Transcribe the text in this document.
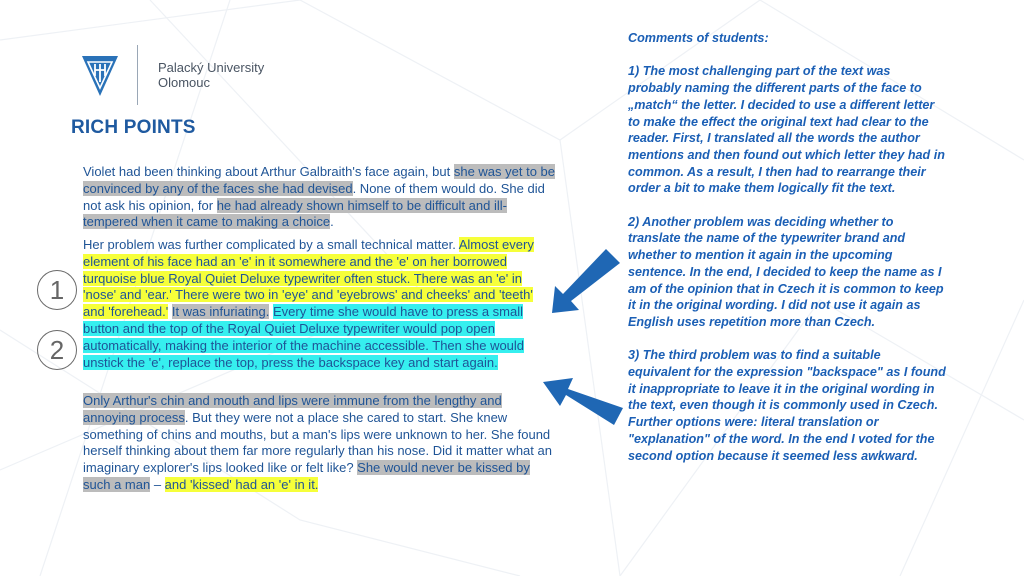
Palacký University
Olomouc
RICH POINTS
Violet had been thinking about Arthur Galbraith's face again, but she was yet to be convinced by any of the faces she had devised. None of them would do. She did not ask his opinion, for he had already shown himself to be difficult and ill-tempered when it came to making a choice.
Her problem was further complicated by a small technical matter. Almost every element of his face had an 'e' in it somewhere and the 'e' on her borrowed turquoise blue Royal Quiet Deluxe typewriter often stuck. There was an 'e' in 'nose' and 'ear.' There were two in 'eye' and 'eyebrows' and cheeks' and 'teeth' and 'forehead.' It was infuriating. Every time she would have to press a small button and the top of the Royal Quiet Deluxe typewriter would pop open automatically, making the interior of the machine accessible. Then she would unstick the 'e', replace the top, press the backspace key and start again.
Only Arthur's chin and mouth and lips were immune from the lengthy and annoying process. But they were not a place she cared to start. She knew something of chins and mouths, but a man's lips were unknown to her. She found herself thinking about them far more regularly than his nose. Did it matter what an imaginary explorer's lips looked like or felt like? She would never be kissed by such a man – and 'kissed' had an 'e' in it.
1
2

Comments of students:

1) The most challenging part of the text was probably naming the different parts of the face to „match“ the letter. I decided to use a different letter to make the effect the original text had clear to the reader. First, I translated all the words the author mentions and then found out which letter they had in common. As a result, I then had to rearrange their order a bit to make them logically fit the text.

2) Another problem was deciding whether to translate the name of the typewriter brand and whether to mention it again in the upcoming sentence. In the end, I decided to keep the name as I am of the opinion that in Czech it is common to keep it in the original wording. I did not use it again as English uses repetition more than Czech.

3) The third problem was to find a suitable equivalent for the expression "backspace" as I found it inappropriate to leave it in the original wording in the text, even though it is commonly used in Czech. Further options were: literal translation or "explanation" of the word. In the end I voted for the second option because it seemed less awkward.
